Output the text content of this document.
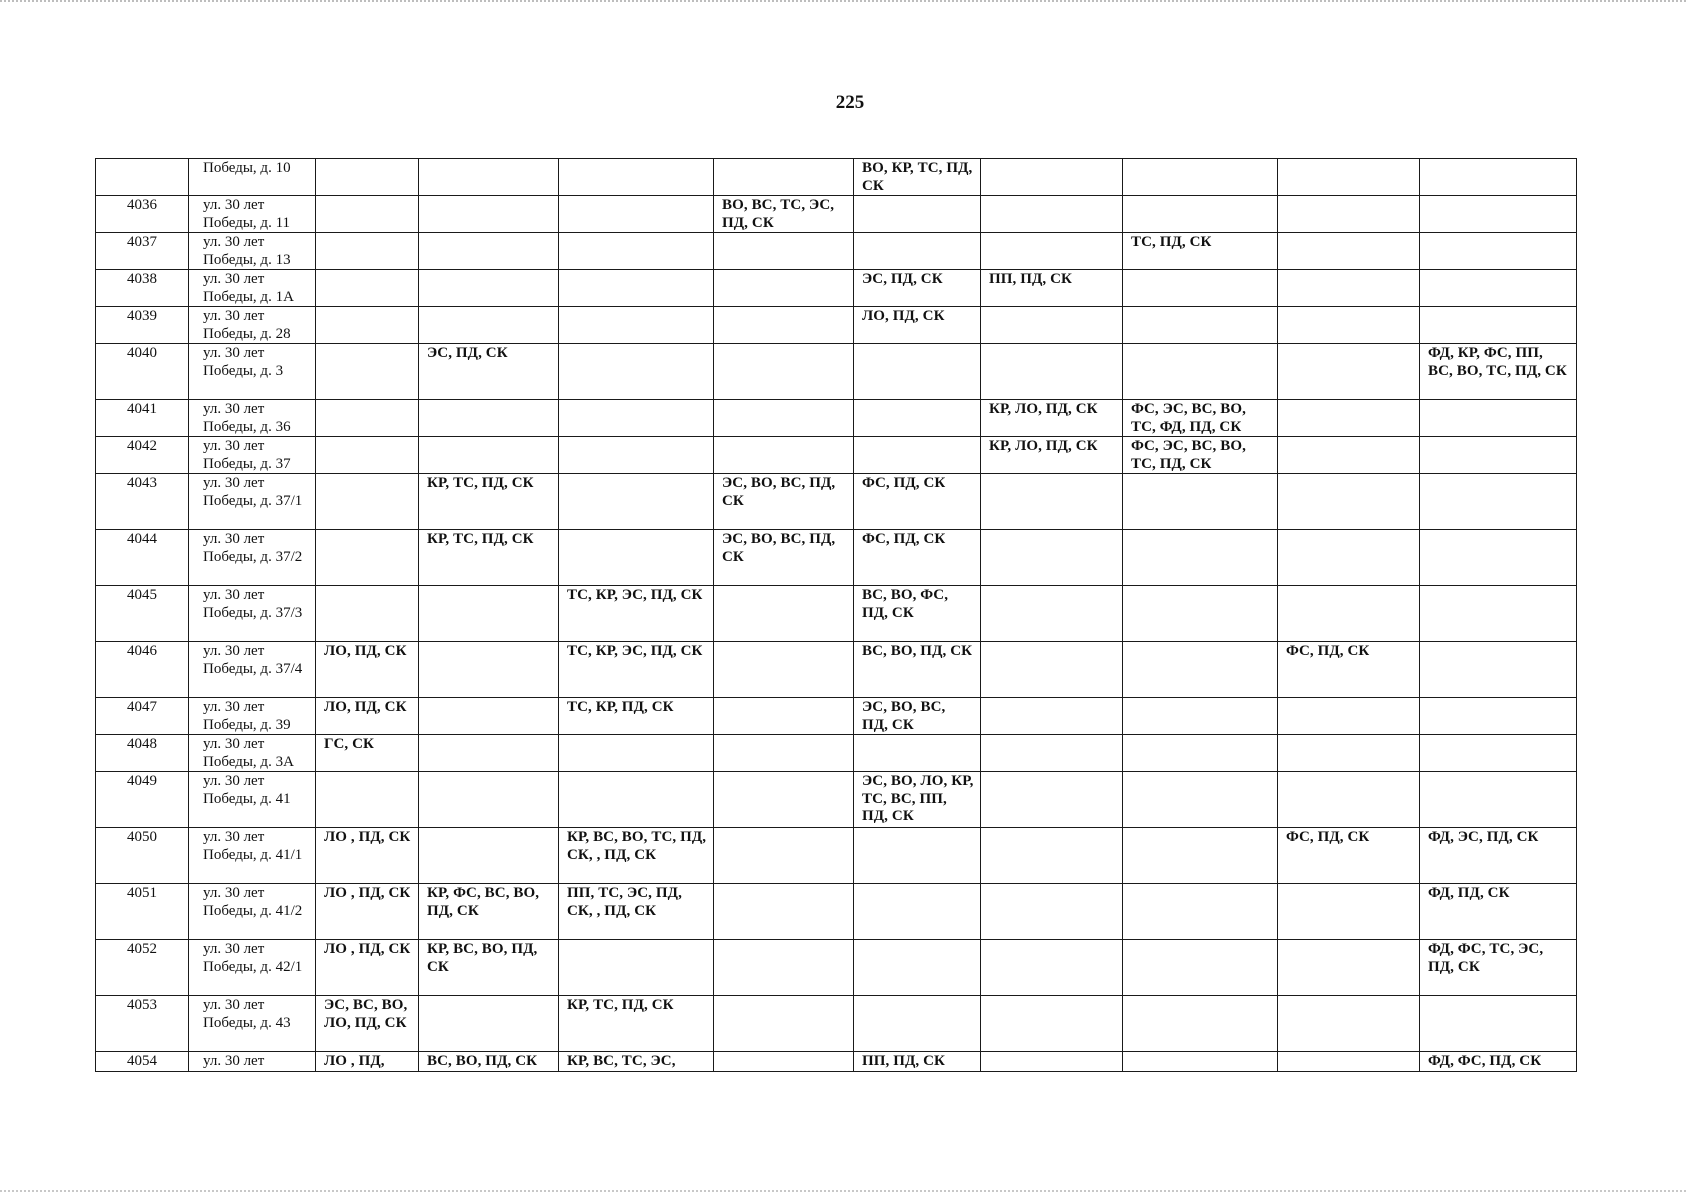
225
	Победы, д. 10					ВО, КР, ТС, ПД, СК				
4036	ул. 30 лет Победы, д. 11				ВО, ВС, ТС, ЭС, ПД, СК					
4037	ул. 30 лет Победы, д. 13							ТС, ПД, СК		
4038	ул. 30 лет Победы, д. 1А					ЭС, ПД, СК	ПП, ПД, СК			
4039	ул. 30 лет Победы, д. 28					ЛО, ПД, СК				
4040	ул. 30 лет Победы, д. 3		ЭС, ПД, СК							ФД, КР, ФС, ПП, ВС, ВО, ТС, ПД, СК
4041	ул. 30 лет Победы, д. 36						КР, ЛО, ПД, СК	ФС, ЭС, ВС, ВО, ТС, ФД, ПД, СК		
4042	ул. 30 лет Победы, д. 37						КР, ЛО, ПД, СК	ФС, ЭС, ВС, ВО, ТС, ПД, СК		
4043	ул. 30 лет Победы, д. 37/1		КР, ТС, ПД, СК		ЭС, ВО, ВС, ПД, СК	ФС, ПД, СК				
4044	ул. 30 лет Победы, д. 37/2		КР, ТС, ПД, СК		ЭС, ВО, ВС, ПД, СК	ФС, ПД, СК				
4045	ул. 30 лет Победы, д. 37/3			ТС, КР, ЭС, ПД, СК		ВС, ВО, ФС, ПД, СК				
4046	ул. 30 лет Победы, д. 37/4	ЛО, ПД, СК		ТС, КР, ЭС, ПД, СК		ВС, ВО, ПД, СК			ФС, ПД, СК	
4047	ул. 30 лет Победы, д. 39	ЛО, ПД, СК		ТС, КР, ПД, СК		ЭС, ВО, ВС, ПД, СК				
4048	ул. 30 лет Победы, д. 3А	ГС, СК								
4049	ул. 30 лет Победы, д. 41					ЭС, ВО, ЛО, КР, ТС, ВС, ПП, ПД, СК				
4050	ул. 30 лет Победы, д. 41/1	ЛО , ПД, СК		КР, ВС, ВО, ТС, ПД, СК, , ПД, СК					ФС, ПД, СК	ФД, ЭС, ПД, СК
4051	ул. 30 лет Победы, д. 41/2	ЛО , ПД, СК	КР, ФС, ВС, ВО, ПД, СК	ПП, ТС, ЭС, ПД, СК, , ПД, СК						ФД, ПД, СК
4052	ул. 30 лет Победы, д. 42/1	ЛО , ПД, СК	КР, ВС, ВО, ПД, СК							ФД, ФС, ТС, ЭС, ПД, СК
4053	ул. 30 лет Победы, д. 43	ЭС, ВС, ВО, ЛО, ПД, СК		КР, ТС, ПД, СК						
4054	ул. 30 лет	ЛО , ПД,	ВС, ВО, ПД, СК	КР, ВС, ТС, ЭС,		ПП, ПД, СК				ФД, ФС, ПД, СК
